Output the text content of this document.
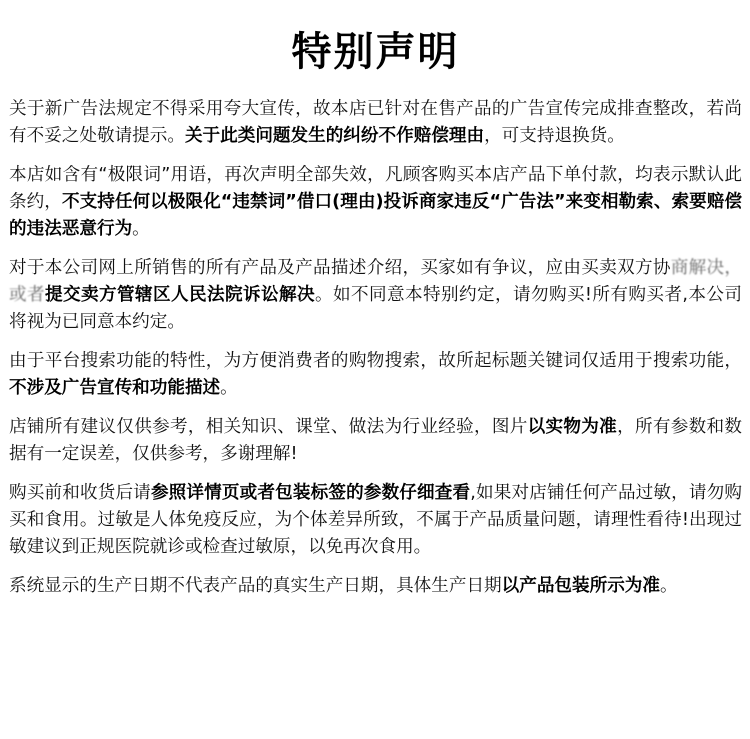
特别声明

关于新广告法规定不得采用夸大宣传，故本店已针对在售产品的广告宣传完成排查整改，若尚有不妥之处敬请提示。关于此类问题发生的纠纷不作赔偿理由，可支持退换货。

本店如含有“极限词”用语，再次声明全部失效，凡顾客购买本店产品下单付款，均表示默认此条约，不支持任何以极限化“违禁词”借口(理由)投诉商家违反“广告法”来变相勒索、索要赔偿的违法恶意行为。

对于本公司网上所销售的所有产品及产品描述介绍，买家如有争议，应由买卖双方协商解决，或者提交卖方管辖区人民法院诉讼解决。如不同意本特别约定，请勿购买!所有购买者,本公司将视为已同意本约定。

由于平台搜索功能的特性，为方便消费者的购物搜索，故所起标题关键词仅适用于搜索功能，不涉及广告宣传和功能描述。

店铺所有建议仅供参考，相关知识、课堂、做法为行业经验，图片以实物为准，所有参数和数据有一定误差，仅供参考，多谢理解!

购买前和收货后请参照详情页或者包装标签的参数仔细查看,如果对店铺任何产品过敏，请勿购买和食用。过敏是人体免疫反应，为个体差异所致，不属于产品质量问题，请理性看待!出现过敏建议到正规医院就诊或检查过敏原，以免再次食用。

系统显示的生产日期不代表产品的真实生产日期，具体生产日期以产品包装所示为准。
